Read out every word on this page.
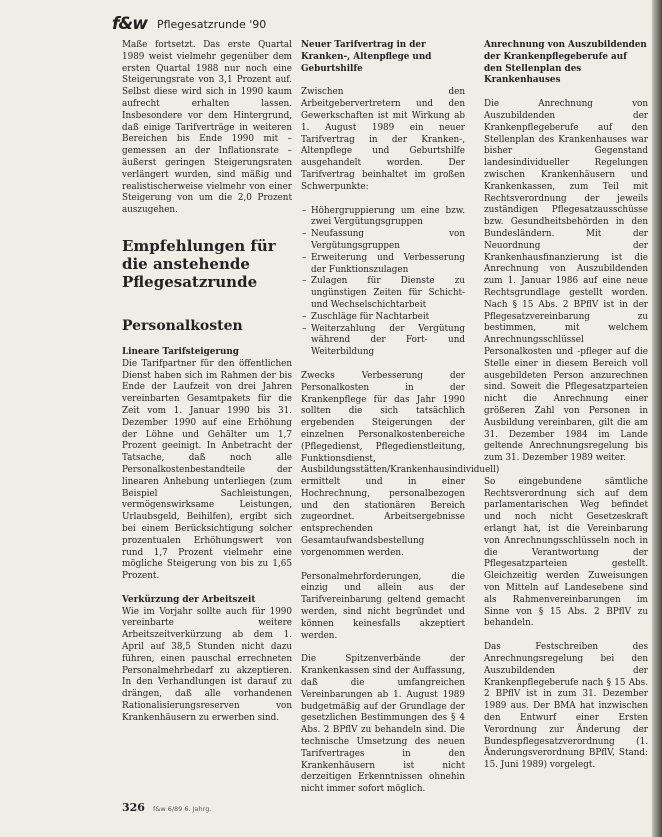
f&w Pflegesatzrunde '90

Maße fortsetzt. Das erste Quartal 1989 weist vielmehr gegenüber dem ersten Quartal 1988 nur noch eine Steigerungsrate von 3,1 Prozent auf. Selbst diese wird sich in 1990 kaum aufrecht erhalten lassen. Insbesondere vor dem Hintergrund, daß einige Tarifverträge in weiteren Bereichen bis Ende 1990 mit – gemessen an der Inflationsrate – äußerst geringen Steigerungsraten verlängert wurden, sind mäßig und realistischerweise vielmehr von einer Steigerung von um die 2,0 Prozent auszugehen.

Empfehlungen für die anstehende Pflegesatzrunde
Personalkosten

Lineare Tarifsteigerung

Die Tarifpartner für den öffentlichen Dienst haben sich im Rahmen der bis Ende der Laufzeit von drei Jahren vereinbarten Gesamtpakets für die Zeit vom 1. Januar 1990 bis 31. Dezember 1990 auf eine Erhöhung der Löhne und Gehälter um 1,7 Prozent geeinigt. In Anbetracht der Tatsache, daß noch alle Personalkostenbestandteile der linearen Anhebung unterliegen (zum Beispiel Sachleistungen, vermögenswirksame Leistungen, Urlaubsgeld, Beihilfen), ergibt sich bei einem Berücksichtigung solcher prozentualen Erhöhungswert von rund 1,7 Prozent vielmehr eine mögliche Steigerung von bis zu 1,65 Prozent.

Verkürzung der Arbeitszeit

Wie im Vorjahr sollte auch für 1990 vereinbarte weitere Arbeitszeitverkürzung ab dem 1. April auf 38,5 Stunden nicht dazu führen, einen pauschal errechneten Personalmehrbedarf zu akzeptieren. In den Verhandlungen ist darauf zu drängen, daß alle vorhandenen Rationalisierungsreserven von Krankenhäusern zu erwerben sind.

Neuer Tarifvertrag in der Kranken-, Altenpflege und Geburtshilfe

Zwischen den Arbeitgebervertretern und den Gewerkschaften ist mit Wirkung ab 1. August 1989 ein neuer Tarifvertrag in der Kranken-, Altenpflege und Geburtshilfe ausgehandelt worden. Der Tarifvertrag beinhaltet im großen Schwerpunkte:

– Höhergruppierung um eine bzw. zwei Vergütungsgruppen
– Neufassung von Vergütungsgruppen
– Erweiterung und Verbesserung der Funktionszulagen
– Zulagen für Dienste zu ungünstigen Zeiten für Schicht- und Wechselschichtarbeit
– Zuschläge für Nachtarbeit
– Weiterzahlung der Vergütung während der Fort- und Weiterbildung

Zwecks Verbesserung der Personalkosten in der Krankenpflege für das Jahr 1990 sollten die sich tatsächlich ergebenden Steigerungen der einzelnen Personalkostenbereiche (Pflegedienst, Pflegedienstleitung, Funktionsdienst, Ausbildungsstätten/Krankenhausindividuell) ermittelt und in einer Hochrechnung, personalbezogen und den stationären Bereich zugeordnet. Arbeitsergebnisse entsprechenden Gesamtaufwandsbestellung vorgenommen werden.

Personalmehrforderungen, die einzig und allein aus der Tarifvereinbarung geltend gemacht werden, sind nicht begründet und können keinesfalls akzeptiert werden.

Die Spitzenverbände der Krankenkassen sind der Auffassung, daß die umfangreichen Vereinbarungen ab 1. August 1989 budgetmäßig auf der Grundlage der gesetzlichen Bestimmungen des § 4 Abs. 2 BPflV zu behandeln sind. Die technische Umsetzung des neuen Tarifvertrages in den Krankenhäusern ist nicht derzeitigen Erkenntnissen ohnehin nicht immer sofort möglich.

Anrechnung von Auszubildenden der Krankenpflegeberufe auf den Stellenplan des Krankenhauses

Die Anrechnung von Auszubildenden der Krankenpflegeberufe auf den Stellenplan des Krankenhauses war bisher Gegenstand landesindividueller Regelungen zwischen Krankenhäusern und Krankenkassen, zum Teil mit Rechtsverordnung der jeweils zuständigen Pflegesatzausschüsse bzw. Gesundheitsbehörden in den Bundesländern. Mit der Neuordnung der Krankenhausfinanzierung ist die Anrechnung von Auszubildenden zum 1. Januar 1986 auf eine neue Rechtsgrundlage gestellt worden. Nach § 15 Abs. 2 BPflV ist in der Pflegesatzvereinbarung zu bestimmen, mit welchem Anrechnungsschlüssel Personalkosten und -pfleger auf die Stelle einer in diesem Bereich voll ausgebildeten Person anzurechnen sind. Soweit die Pflegesatzparteien nicht die Anrechnung einer größeren Zahl von Personen in Ausbildung vereinbaren, gilt die am 31. Dezember 1984 im Lande geltende Anrechnungsregelung bis zum 31. Dezember 1989 weiter.

So eingebundene sämtliche Rechtsverordnung sich auf dem parlamentarischen Weg befindet und noch nicht Gesetzeskraft erlangt hat, ist die Vereinbarung von Anrechnungsschlüsseln noch in die Verantwortung der Pflegesatzparteien gestellt. Gleichzeitig werden Zuweisungen von Mitteln auf Landesebene sind als Rahmenvereinbarungen im Sinne von § 15 Abs. 2 BPflV zu behandeln.

Das Festschreiben des Anrechnungsregelung bei den Auszubildenden der Krankenpflegeberufe nach § 15 Abs. 2 BPflV ist in zum 31. Dezember 1989 aus. Der BMA hat inzwischen den Entwurf einer Ersten Verordnung zur Änderung der Bundespflegesatzverordnung (1. Änderungsverordnung BPflV, Stand: 15. Juni 1989) vorgelegt.

326 f&w 6/89 6. Jahrg.
